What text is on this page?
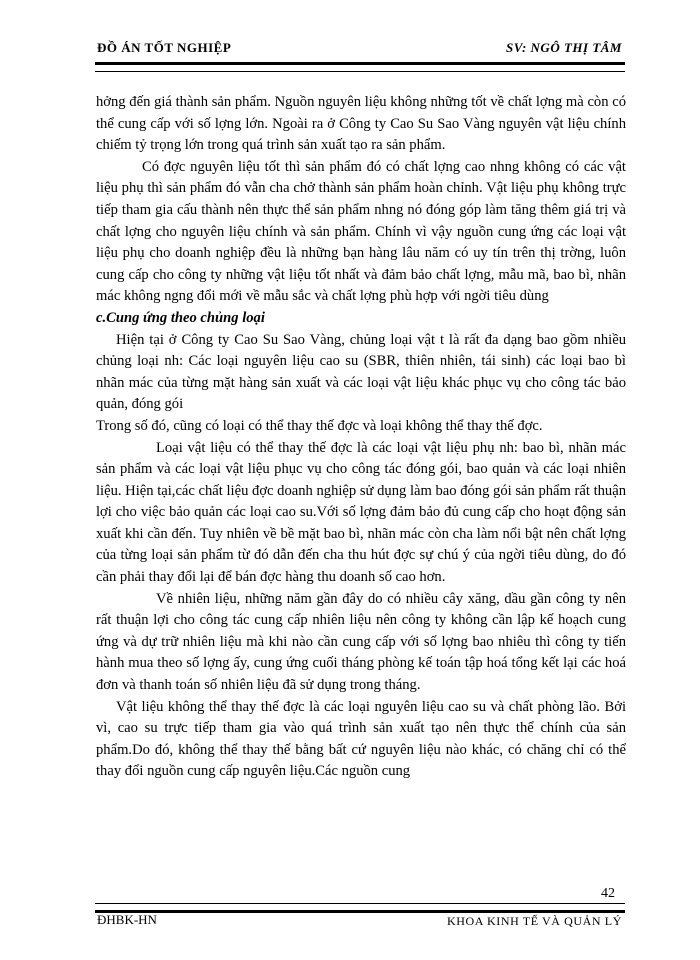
ĐỒ ÁN TỐT NGHIỆP	SV: NGÔ THỊ TÂM

hởng đến giá thành sản phẩm. Nguồn nguyên liệu không những tốt về chất lợng mà còn có thể cung cấp với số lợng lớn. Ngoài ra ở Công ty Cao Su Sao Vàng nguyên vật liệu chính chiếm tỷ trọng lớn trong quá trình sản xuất tạo ra sản phẩm.

Có đợc nguyên liệu tốt thì sản phẩm đó có chất lợng cao nhng không có các vật liệu phụ thì sản phẩm đó vẫn cha chở thành sản phẩm hoàn chỉnh. Vật liệu phụ không trực tiếp tham gia cấu thành nên thực thể sản phẩm nhng nó đóng góp làm tăng thêm giá trị và chất lợng cho nguyên liệu chính và sản phẩm. Chính vì vậy nguồn cung ứng các loại vật liệu phụ cho doanh nghiệp đều là những bạn hàng lâu năm có uy tín trên thị trờng, luôn cung cấp cho công ty những vật liệu tốt nhất và đảm bảo chất lợng, mẫu mã, bao bì, nhãn mác không ngng đổi mới về mẫu sắc và chất lợng phù hợp với ngời tiêu dùng

c.Cung ứng theo chủng loại

Hiện tại ở Công ty Cao Su Sao Vàng, chủng loại vật t là rất đa dạng bao gồm nhiều chủng loại nh: Các loại nguyên liệu cao su (SBR, thiên nhiên, tái sinh) các loại bao bì nhãn mác của từng mặt hàng sản xuất và các loại vật liệu khác phục vụ cho công tác bảo quản, đóng gói

Trong số đó, cũng có loại có thể thay thế đợc và loại không thể thay thế đợc.

Loại vật liệu có thể thay thế đợc là các loại vật liệu phụ nh: bao bì, nhãn mác sản phẩm và các loại vật liệu phục vụ cho công tác đóng gói, bao quản và các loại nhiên liệu. Hiện tại,các chất liệu đợc doanh nghiệp sử dụng làm bao đóng gói sản phẩm rất thuận lợi cho việc bảo quản các loại cao su.Với số lợng đảm bảo đủ cung cấp cho hoạt động sản xuất khi cần đến. Tuy nhiên về bề mặt bao bì, nhãn mác còn cha làm nổi bật nên chất lợng của từng loại sản phẩm từ đó dẫn đến cha thu hút đợc sự chú ý của ngời tiêu dùng, do đó cần phải thay đổi lại để bán đợc hàng thu doanh số cao hơn.

Về nhiên liệu, những năm gần đây do có nhiều cây xăng, dầu gần công ty nên rất thuận lợi cho công tác cung cấp nhiên liệu nên công ty không cần lập kế hoạch cung ứng và dự trữ nhiên liệu mà khi nào cần cung cấp với số lợng bao nhiêu thì công ty tiến hành mua theo số lợng ấy, cung ứng cuối tháng phòng kế toán tập hoá tổng kết lại các hoá đơn và thanh toán số nhiên liệu đã sử dụng trong tháng.

Vật liệu không thể thay thế đợc là các loại nguyên liệu cao su và chất phòng lão. Bởi vì, cao su trực tiếp tham gia vào quá trình sản xuất tạo nên thực thể chính của sản phẩm.Do đó, không thể thay thế bằng bất cứ nguyên liệu nào khác, có chăng chỉ có thể thay đổi nguồn cung cấp nguyên liệu.Các nguồn cung

42
ĐHBK-HN	KHOA KINH TẾ VÀ QUẢN LÝ
